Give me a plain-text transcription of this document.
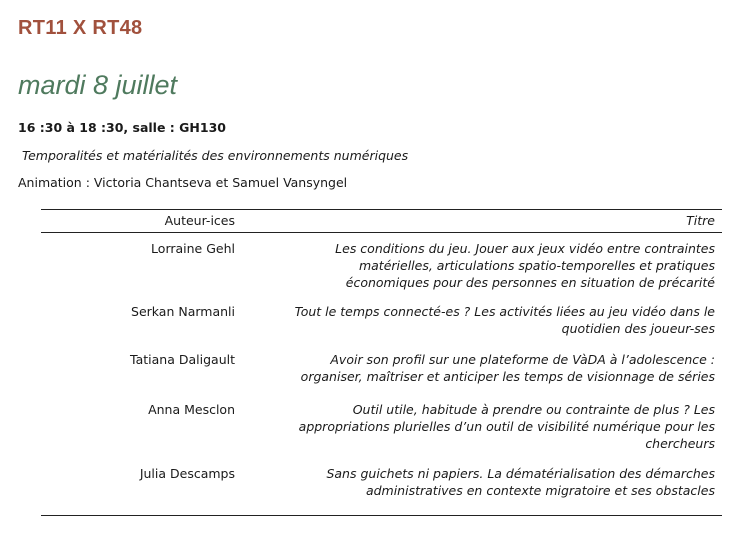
RT11 X RT48
mardi 8 juillet
16 :30 à 18 :30, salle : GH130
Temporalités et matérialités des environnements numériques
Animation : Victoria Chantseva et Samuel Vansyngel
Auteur-ices	Titre
Lorraine Gehl	Les conditions du jeu. Jouer aux jeux vidéo entre contraintes
matérielles, articulations spatio-temporelles et pratiques
économiques pour des personnes en situation de précarité
Serkan Narmanli	Tout le temps connecté-es ? Les activités liées au jeu vidéo dans le
quotidien des joueur-ses
Tatiana Daligault	Avoir son profil sur une plateforme de VàDA à l’adolescence :
organiser, maîtriser et anticiper les temps de visionnage de séries
Anna Mesclon	Outil utile, habitude à prendre ou contrainte de plus ? Les
appropriations plurielles d’un outil de visibilité numérique pour les
chercheurs
Julia Descamps	Sans guichets ni papiers. La dématérialisation des démarches
administratives en contexte migratoire et ses obstacles
